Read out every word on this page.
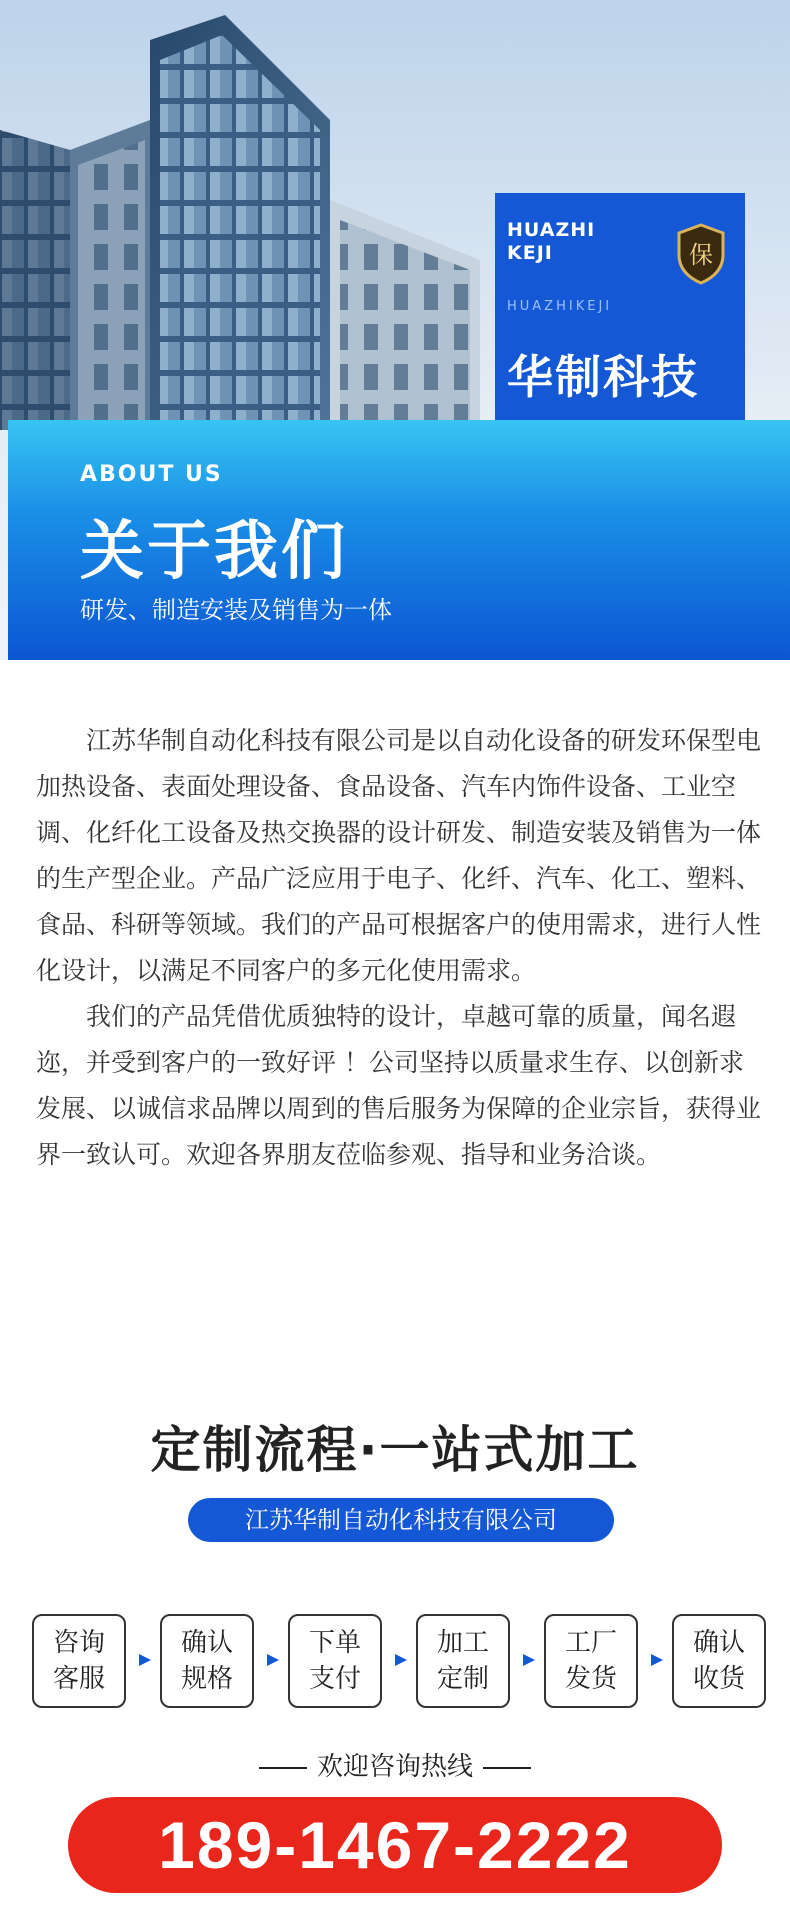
HUAZHI
KEJI	保
HUAZHIKEJI
华制科技
ABOUT US
关于我们
研发、制造安装及销售为一体

江苏华制自动化科技有限公司是以自动化设备的研发环保型电加热设备、表面处理设备、食品设备、汽车内饰件设备、工业空调、化纤化工设备及热交换器的设计研发、制造安装及销售为一体的生产型企业。产品广泛应用于电子、化纤、汽车、化工、塑料、食品、科研等领域。我们的产品可根据客户的使用需求，进行人性化设计，以满足不同客户的多元化使用需求。

我们的产品凭借优质独特的设计，卓越可靠的质量，闻名遐迩，并受到客户的一致好评 ！公司坚持以质量求生存、以创新求发展、以诚信求品牌以周到的售后服务为保障的企业宗旨，获得业界一致认可。欢迎各界朋友莅临参观、指导和业务洽谈。

定制流程·一站式加工
江苏华制自动化科技有限公司
咨询
客服
确认
规格
下单
支付
加工
定制
工厂
发货
确认
收货
欢迎咨询热线
189-1467-2222
